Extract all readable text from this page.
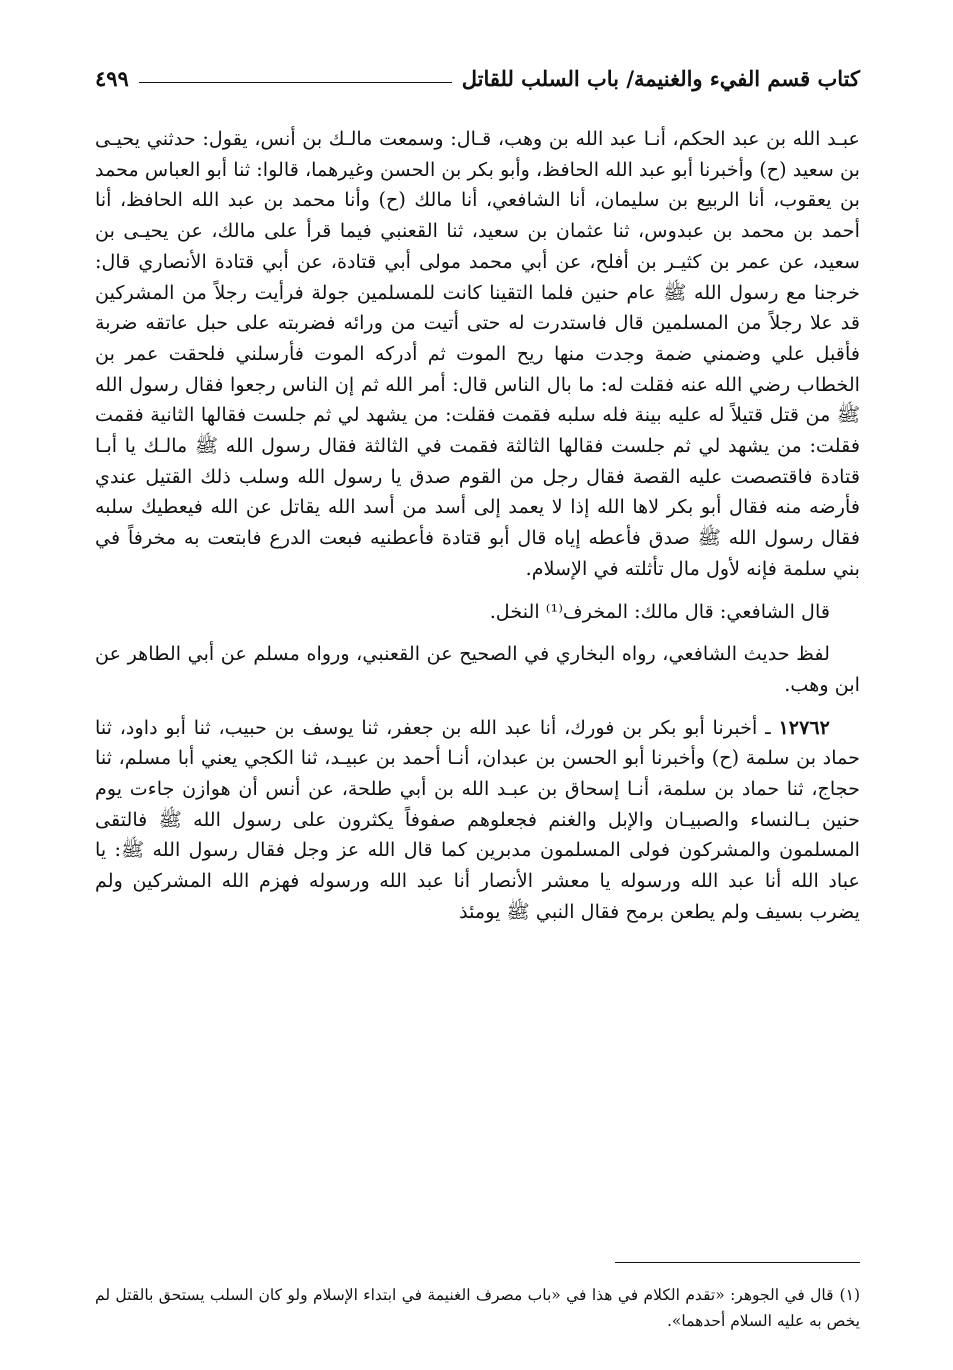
كتاب قسم الفيء والغنيمة/ باب السلب للقاتل
٤٩٩

عبـد الله بن عبد الحكم، أنـا عبد الله بن وهب، قـال: وسمعت مالـك بن أنس، يقول: حدثني يحيـى بن سعيد (ح) وأخبرنا أبو عبد الله الحافظ، وأبو بكر بن الحسن وغيرهما، قالوا: ثنا أبو العباس محمد بن يعقوب، أنا الربيع بن سليمان، أنا الشافعي، أنا مالك (ح) وأنا محمد بن عبد الله الحافظ، أنا أحمد بن محمد بن عبدوس، ثنا عثمان بن سعيد، ثنا القعنبي فيما قرأ على مالك، عن يحيـى بن سعيد، عن عمر بن كثيـر بن أفلح، عن أبي محمد مولى أبي قتادة، عن أبي قتادة الأنصاري قال: خرجنا مع رسول الله ﷺ عام حنين فلما التقينا كانت للمسلمين جولة فرأيت رجلاً من المشركين قد علا رجلاً من المسلمين قال فاستدرت له حتى أتيت من ورائه فضربته على حبل عاتقه ضربة فأقبل علي وضمني ضمة وجدت منها ريح الموت ثم أدركه الموت فأرسلني فلحقت عمر بن الخطاب رضي الله عنه فقلت له: ما بال الناس قال: أمر الله ثم إن الناس رجعوا فقال رسول الله ﷺ من قتل قتيلاً له عليه بينة فله سلبه فقمت فقلت: من يشهد لي ثم جلست فقالها الثانية فقمت فقلت: من يشهد لي ثم جلست فقالها الثالثة فقمت في الثالثة فقال رسول الله ﷺ مالـك يا أبـا قتادة فاقتصصت عليه القصة فقال رجل من القوم صدق يا رسول الله وسلب ذلك القتيل عندي فأرضه منه فقال أبو بكر لاها الله إذا لا يعمد إلى أسد من أسد الله يقاتل عن الله فيعطيك سلبه فقال رسول الله ﷺ صدق فأعطه إياه قال أبو قتادة فأعطنيه فبعت الدرع فابتعت به مخرفاً في بني سلمة فإنه لأول مال تأثلته في الإسلام.

قال الشافعي: قال مالك: المخرف⁽¹⁾ النخل.

لفظ حديث الشافعي، رواه البخاري في الصحيح عن القعنبي، ورواه مسلم عن أبي الطاهر عن ابن وهب.

١٢٧٦٢ ـ أخبرنا أبو بكر بن فورك، أنا عبد الله بن جعفر، ثنا يوسف بن حبيب، ثنا أبو داود، ثنا حماد بن سلمة (ح) وأخبرنا أبو الحسن بن عبدان، أنـا أحمد بن عبيـد، ثنا الكجي يعني أبا مسلم، ثنا حجاج، ثنا حماد بن سلمة، أنـا إسحاق بن عبـد الله بن أبي طلحة، عن أنس أن هوازن جاءت يوم حنين بـالنساء والصبيـان والإبل والغنم فجعلوهم صفوفاً يكثرون على رسول الله ﷺ فالتقى المسلمون والمشركون فولى المسلمون مدبرين كما قال الله عز وجل فقال رسول الله ﷺ: يا عباد الله أنا عبد الله ورسوله يا معشر الأنصار أنا عبد الله ورسوله فهزم الله المشركين ولم يضرب بسيف ولم يطعن برمح فقال النبي ﷺ يومئذ

(١)قال في الجوهر: «تقدم الكلام في هذا في «باب مصرف الغنيمة في ابتداء الإسلام ولو كان السلب يستحق بالقتل لم يخص به عليه السلام أحدهما».
